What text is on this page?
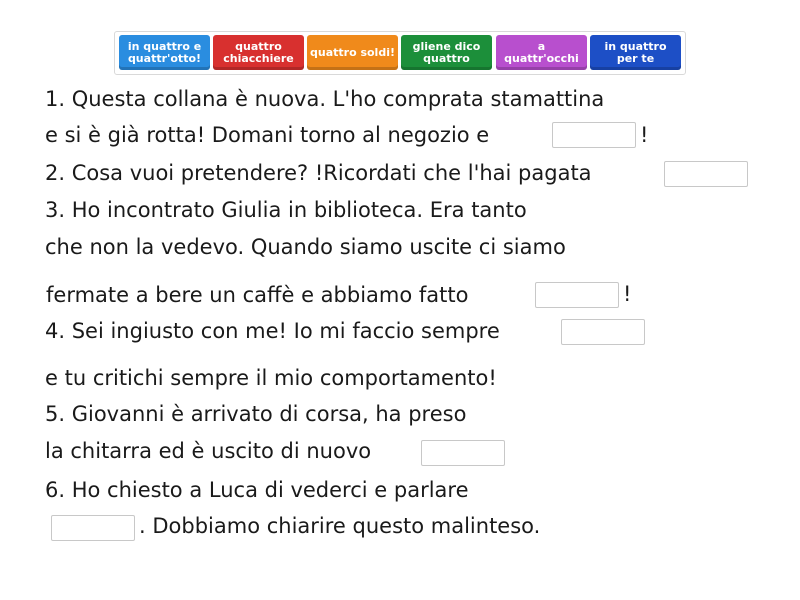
in quattro e
quattr'otto!
quattro
chiacchiere	quattro soldi!	gliene dico
quattro
a
quattr'occhi
in quattro
per te
1. Questa collana è nuova. L'ho comprata stamattina
e si è già rotta! Domani torno al negozio e	!
2. Cosa vuoi pretendere? !Ricordati che l'hai pagata
3. Ho incontrato Giulia in biblioteca. Era tanto
che non la vedevo. Quando siamo uscite ci siamo
fermate a bere un caffè e abbiamo fatto	!
4. Sei ingiusto con me! Io mi faccio sempre
e tu critichi sempre il mio comportamento!
5. Giovanni è arrivato di corsa, ha preso
la chitarra ed è uscito di nuovo
6. Ho chiesto a Luca di vederci e parlare
. Dobbiamo chiarire questo malinteso.
